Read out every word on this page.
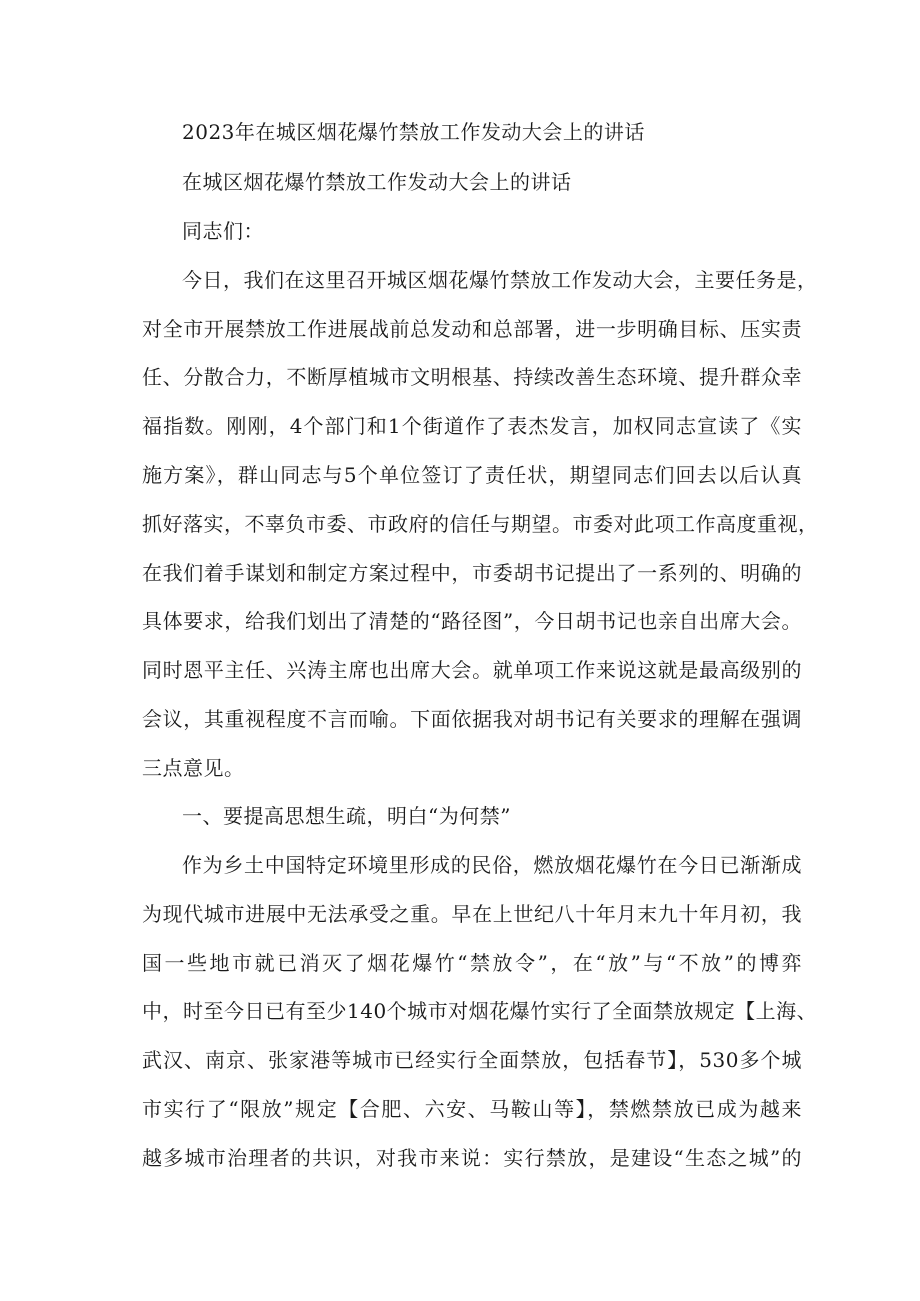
2023年在城区烟花爆竹禁放工作发动大会上的讲话
在城区烟花爆竹禁放工作发动大会上的讲话
同志们：
今日，我们在这里召开城区烟花爆竹禁放工作发动大会，主要任务是，
对全市开展禁放工作进展战前总发动和总部署，进一步明确目标、压实责
任、分散合力，不断厚植城市文明根基、持续改善生态环境、提升群众幸
福指数。刚刚，4个部门和1个街道作了表杰发言，加权同志宣读了《实
施方案》，群山同志与5个单位签订了责任状，期望同志们回去以后认真
抓好落实，不辜负市委、市政府的信任与期望。市委对此项工作高度重视，
在我们着手谋划和制定方案过程中，市委胡书记提出了一系列的、明确的
具体要求，给我们划出了清楚的“路径图”，今日胡书记也亲自出席大会。
同时恩平主任、兴涛主席也出席大会。就单项工作来说这就是最高级别的
会议，其重视程度不言而喻。下面依据我对胡书记有关要求的理解在强调
三点意见。
一、要提高思想生疏，明白“为何禁”
作为乡土中国特定环境里形成的民俗，燃放烟花爆竹在今日已渐渐成
为现代城市进展中无法承受之重。早在上世纪八十年月末九十年月初，我
国一些地市就已消灭了烟花爆竹“禁放令”，在“放”与“不放”的博弈
中，时至今日已有至少140个城市对烟花爆竹实行了全面禁放规定【上海、
武汉、南京、张家港等城市已经实行全面禁放，包括春节】，530多个城
市实行了“限放”规定【合肥、六安、马鞍山等】，禁燃禁放已成为越来
越多城市治理者的共识，对我市来说：实行禁放，是建设“生态之城”的
